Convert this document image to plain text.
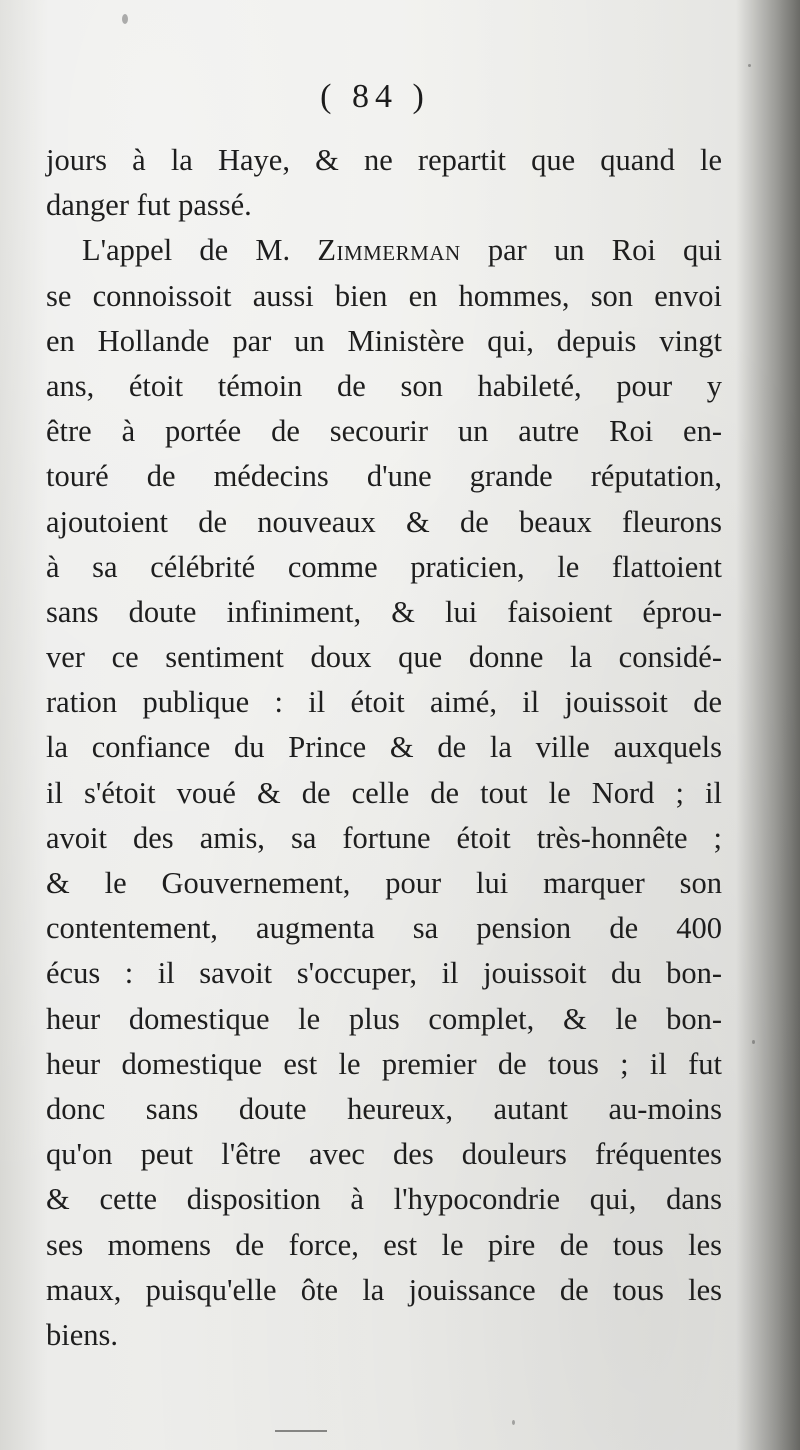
( 84 )
jours à la Haye, & ne repartit que quand le
danger fut passé.
L'appel de M. Zimmerman par un Roi qui
se connoissoit aussi bien en hommes, son envoi
en Hollande par un Ministère qui, depuis vingt
ans, étoit témoin de son habileté, pour y
être à portée de secourir un autre Roi en-
touré de médecins d'une grande réputation,
ajoutoient de nouveaux & de beaux fleurons
à sa célébrité comme praticien, le flattoient
sans doute infiniment, & lui faisoient éprou-
ver ce sentiment doux que donne la considé-
ration publique : il étoit aimé, il jouissoit de
la confiance du Prince & de la ville auxquels
il s'étoit voué & de celle de tout le Nord ; il
avoit des amis, sa fortune étoit très-honnête ;
& le Gouvernement, pour lui marquer son
contentement, augmenta sa pension de 400
écus : il savoit s'occuper, il jouissoit du bon-
heur domestique le plus complet, & le bon-
heur domestique est le premier de tous ; il fut
donc sans doute heureux, autant au-moins
qu'on peut l'être avec des douleurs fréquentes
& cette disposition à l'hypocondrie qui, dans
ses momens de force, est le pire de tous les
maux, puisqu'elle ôte la jouissance de tous les
biens.
